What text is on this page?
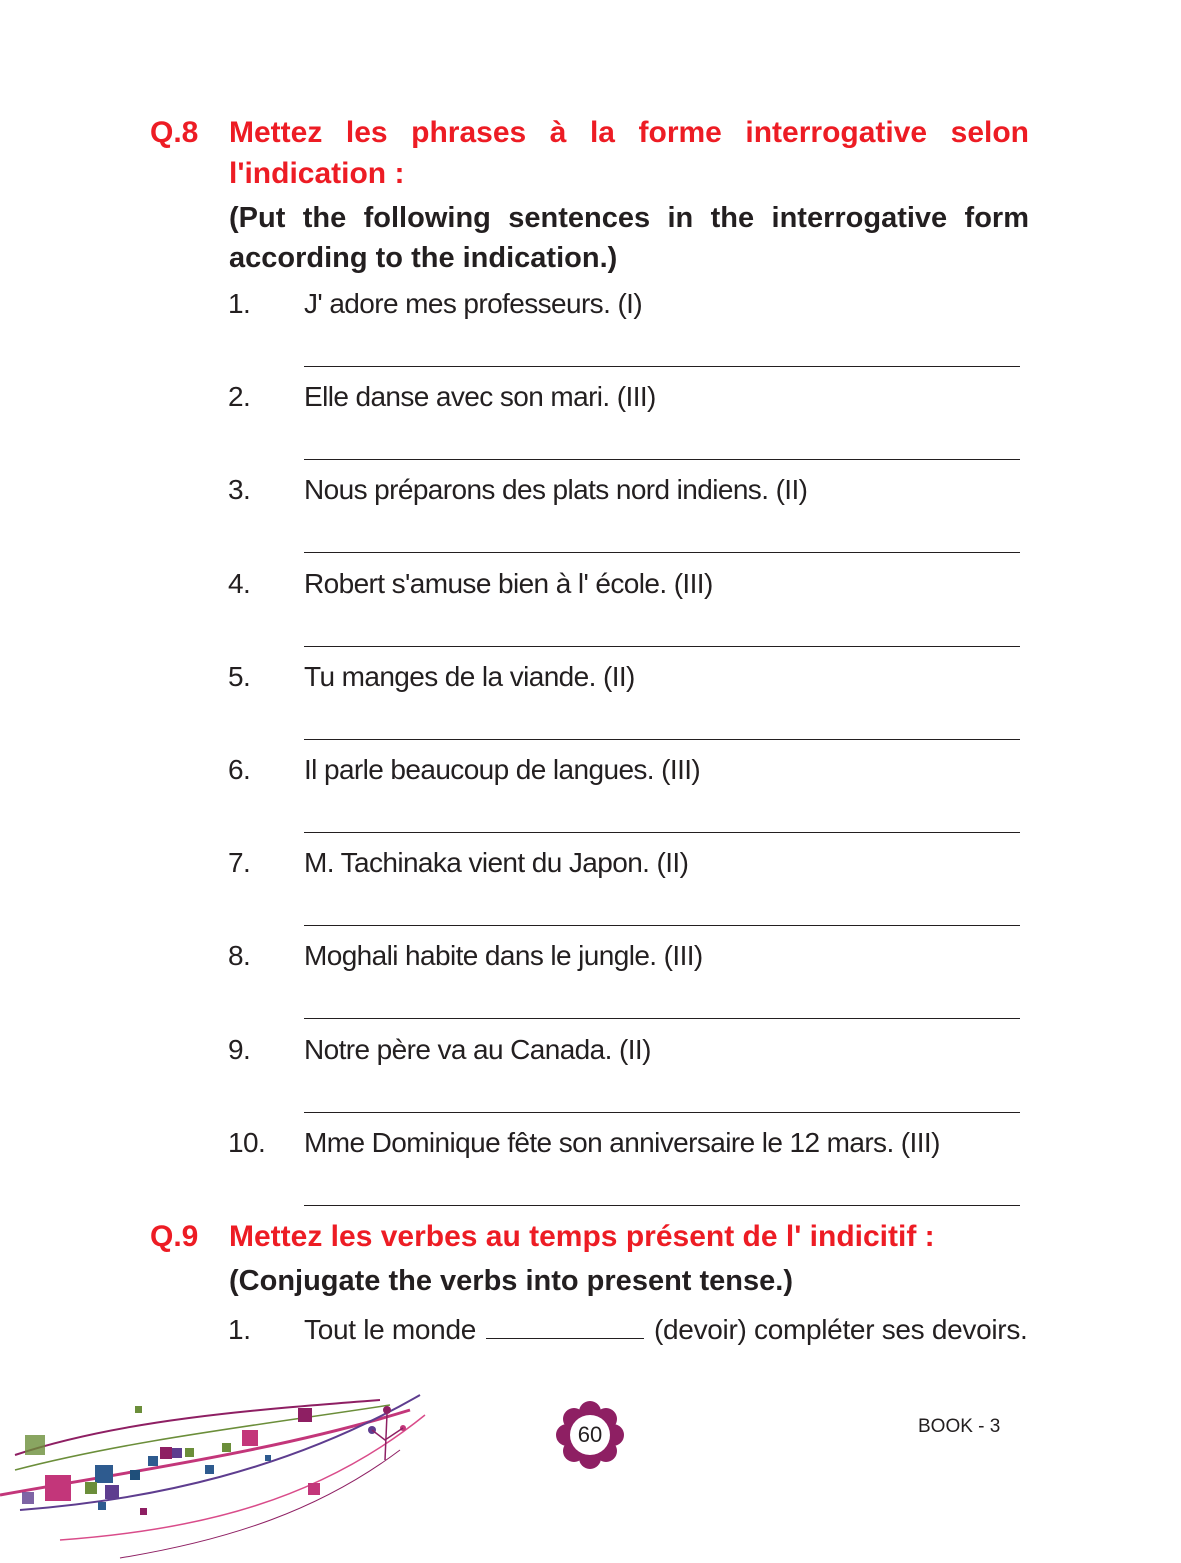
Q.8 Mettez les phrases à la forme interrogative selon l'indication :
(Put the following sentences in the interrogative form according to the indication.)
1. J' adore mes professeurs. (I)
2. Elle danse avec son mari. (III)
3. Nous préparons des plats nord indiens. (II)
4. Robert s'amuse bien à l' école. (III)
5. Tu manges de la viande. (II)
6. Il parle beaucoup de langues. (III)
7. M. Tachinaka vient du Japon. (II)
8. Moghali habite dans le jungle. (III)
9. Notre père va au Canada. (II)
10. Mme Dominique fête son anniversaire le 12 mars. (III)
Q.9 Mettez les verbes au temps présent de l' indicitif :
(Conjugate the verbs into present tense.)
1. Tout le monde	(devoir) compléter ses devoirs.
60	BOOK - 3
